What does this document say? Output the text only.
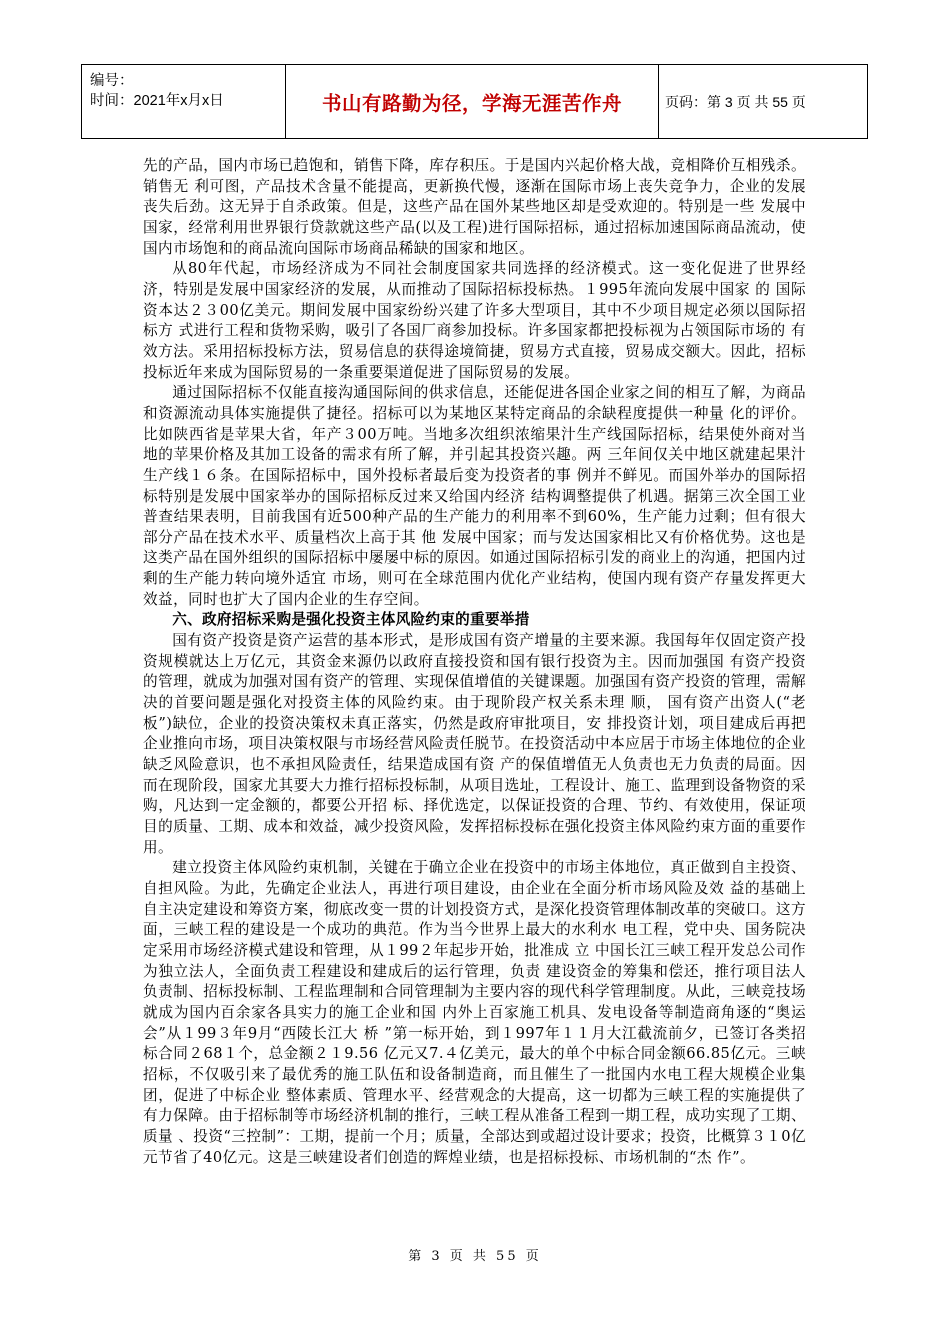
编号：
时间：2021年x月x日	书山有路勤为径，学海无涯苦作舟	页码：第 3 页 共 55 页

先的产品，国内市场已趋饱和，销售下降，库存积压。于是国内兴起价格大战，竞相降价互相残杀。销售无 利可图，产品技术含量不能提高，更新换代慢，逐渐在国际市场上丧失竞争力，企业的发展丧失后劲。这无异于自杀政策。但是，这些产品在国外某些地区却是受欢迎的。特别是一些 发展中国家，经常利用世界银行贷款就这些产品(以及工程)进行国际招标，通过招标加速国际商品流动，使国内市场饱和的商品流向国际市场商品稀缺的国家和地区。

从80年代起，市场经济成为不同社会制度国家共同选择的经济模式。这一变化促进了世界经济，特别是发展中国家经济的发展，从而推动了国际招标投标热。１995年流向发展中国家 的 国际资本达２３00亿美元。期间发展中国家纷纷兴建了许多大型项目，其中不少项目规定必须以国际招标方 式进行工程和货物采购，吸引了各国厂商参加投标。许多国家都把投标视为占领国际市场的 有效方法。采用招标投标方法，贸易信息的获得途境简捷，贸易方式直接，贸易成交额大。因此，招标投标近年来成为国际贸易的一条重要渠道促进了国际贸易的发展。

通过国际招标不仅能直接沟通国际间的供求信息，还能促进各国企业家之间的相互了解，为商品和资源流动具体实施提供了捷径。招标可以为某地区某特定商品的余缺程度提供一种量 化的评价。比如陕西省是苹果大省，年产３00万吨。当地多次组织浓缩果汁生产线国际招标，结果使外商对当地的苹果价格及其加工设备的需求有所了解，并引起其投资兴趣。两 三年间仅关中地区就建起果汁生产线１６条。在国际招标中，国外投标者最后变为投资者的事 例并不鲜见。而国外举办的国际招标特别是发展中国家举办的国际招标反过来又给国内经济 结构调整提供了机遇。据第三次全国工业普查结果表明，目前我国有近500种产品的生产能力的利用率不到60%，生产能力过剩；但有很大部分产品在技术水平、质量档次上高于其 他 发展中国家；而与发达国家相比又有价格优势。这也是这类产品在国外组织的国际招标中屡屡中标的原因。如通过国际招标引发的商业上的沟通，把国内过剩的生产能力转向境外适宜 市场，则可在全球范围内优化产业结构，使国内现有资产存量发挥更大效益，同时也扩大了国内企业的生存空间。

六、政府招标采购是强化投资主体风险约束的重要举措

国有资产投资是资产运营的基本形式，是形成国有资产增量的主要来源。我国每年仅固定资产投资规模就达上万亿元，其资金来源仍以政府直接投资和国有银行投资为主。因而加强国 有资产投资的管理，就成为加强对国有资产的管理、实现保值增值的关键课题。加强国有资产投资的管理，需解决的首要问题是强化对投资主体的风险约束。由于现阶段产权关系未理 顺， 国有资产出资人(“老板”)缺位，企业的投资决策权未真正落实，仍然是政府审批项目，安 排投资计划，项目建成后再把企业推向市场，项目决策权限与市场经营风险责任脱节。在投资活动中本应居于市场主体地位的企业缺乏风险意识，也不承担风险责任，结果造成国有资 产的保值增值无人负责也无力负责的局面。因而在现阶段，国家尤其要大力推行招标投标制，从项目选址，工程设计、施工、监理到设备物资的采购，凡达到一定金额的，都要公开招 标、择优选定，以保证投资的合理、节约、有效使用，保证项目的质量、工期、成本和效益，减少投资风险，发挥招标投标在强化投资主体风险约束方面的重要作用。

建立投资主体风险约束机制，关键在于确立企业在投资中的市场主体地位，真正做到自主投资、自担风险。为此，先确定企业法人，再进行项目建设，由企业在全面分析市场风险及效 益的基础上自主决定建设和筹资方案，彻底改变一贯的计划投资方式，是深化投资管理体制改革的突破口。这方面，三峡工程的建设是一个成功的典范。作为当今世界上最大的水利水 电工程，党中央、国务院决定采用市场经济模式建设和管理，从１99２年起步开始，批准成 立 中国长江三峡工程开发总公司作为独立法人，全面负责工程建设和建成后的运行管理，负责 建设资金的筹集和偿还，推行项目法人负责制、招标投标制、工程监理制和合同管理制为主要内容的现代科学管理制度。从此，三峡竞技场就成为国内百余家各具实力的施工企业和国 内外上百家施工机具、发电设备等制造商角逐的“奥运会”从１99３年9月“西陵长江大 桥 ”第一标开始，到１997年１１月大江截流前夕，已签订各类招标合同２68１个，总金额２１9.56 亿元又7.４亿美元，最大的单个中标合同金额66.85亿元。三峡招标，不仅吸引来了最优秀的施工队伍和设备制造商，而且催生了一批国内水电工程大规模企业集团，促进了中标企业 整体素质、管理水平、经营观念的大提高，这一切都为三峡工程的实施提供了有力保障。由于招标制等市场经济机制的推行，三峡工程从准备工程到一期工程，成功实现了工期、质量 、投资“三控制”：工期，提前一个月；质量，全部达到或超过设计要求；投资，比概算３１0亿元节省了40亿元。这是三峡建设者们创造的辉煌业绩，也是招标投标、市场机制的“杰 作”。

第 3 页 共 55 页
